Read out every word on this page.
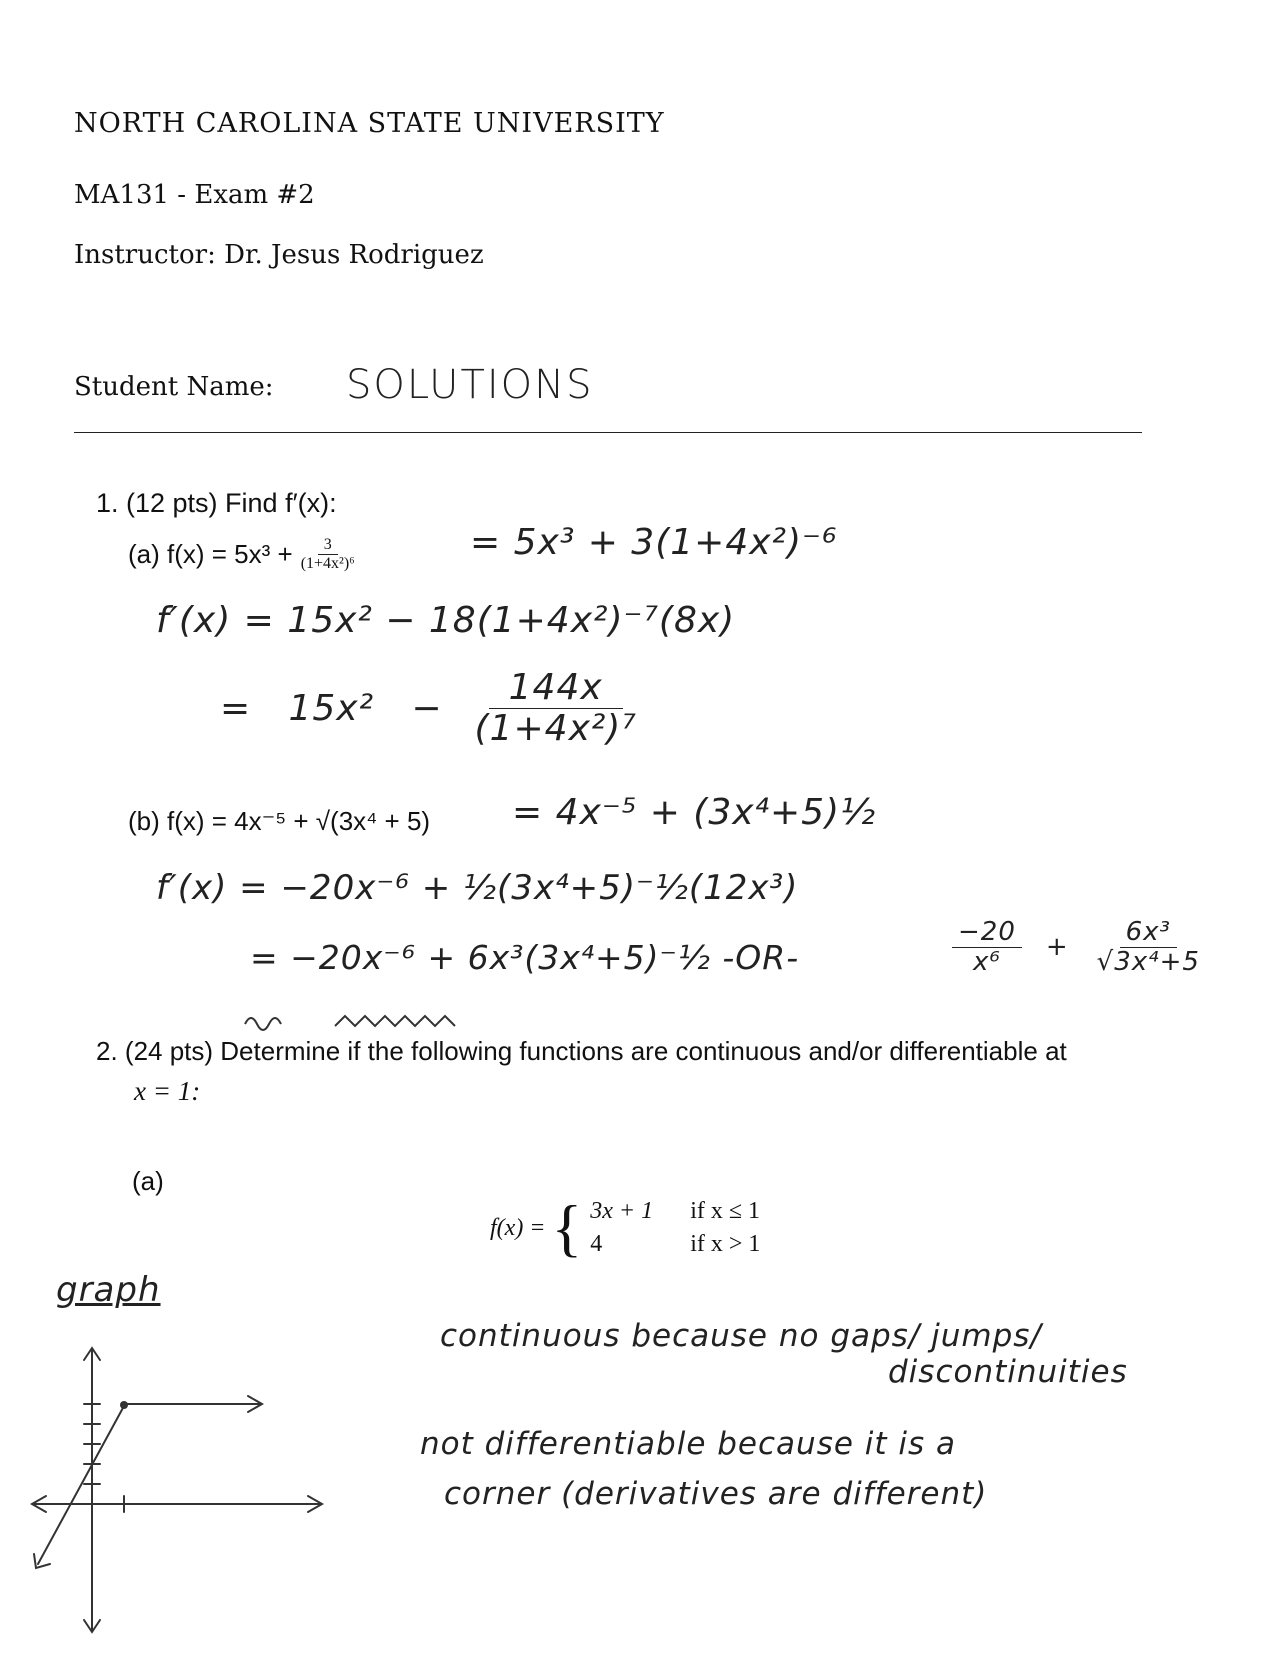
NORTH CAROLINA STATE UNIVERSITY
MA131 - Exam #2
Instructor: Dr. Jesus Rodriguez
Student Name: SOLUTIONS
1. (12 pts) Find f′(x):
(a) $f(x) = 5x^3 + \frac{3}{\text{(1+4x²)⁶}}$	= 5x³ + 3(1+4x²)⁻⁶
f′(x) = 15x² − 18(1+4x²)⁻⁷(8x)
=   $15x^2 - \frac{144x}{\text{(1+4x²)⁷}}$
(b) f(x) = 4x⁻⁵ + √(3x⁴ + 5) = 4x⁻⁵ + (3x⁴+5)½
f′(x) = −20x⁻⁶ + ½(3x⁴+5)⁻½(12x³)
= −20x⁻⁶ + 6x³(3x⁴+5)⁻½ -OR-	$\frac{-20}{\text{x⁶}} + \frac{\text{6x³}}{\text{√3x⁴+5}}$
2. (24 pts) Determine if the following functions are continuous and/or differentiable at
x = 1:
(a)
f(x) = { 3x + 1	if x ≤ 1
4	if x > 1
graph
continuous because no gaps/ jumps/
discontinuities
not differentiable because it is a
corner (derivatives are different)
